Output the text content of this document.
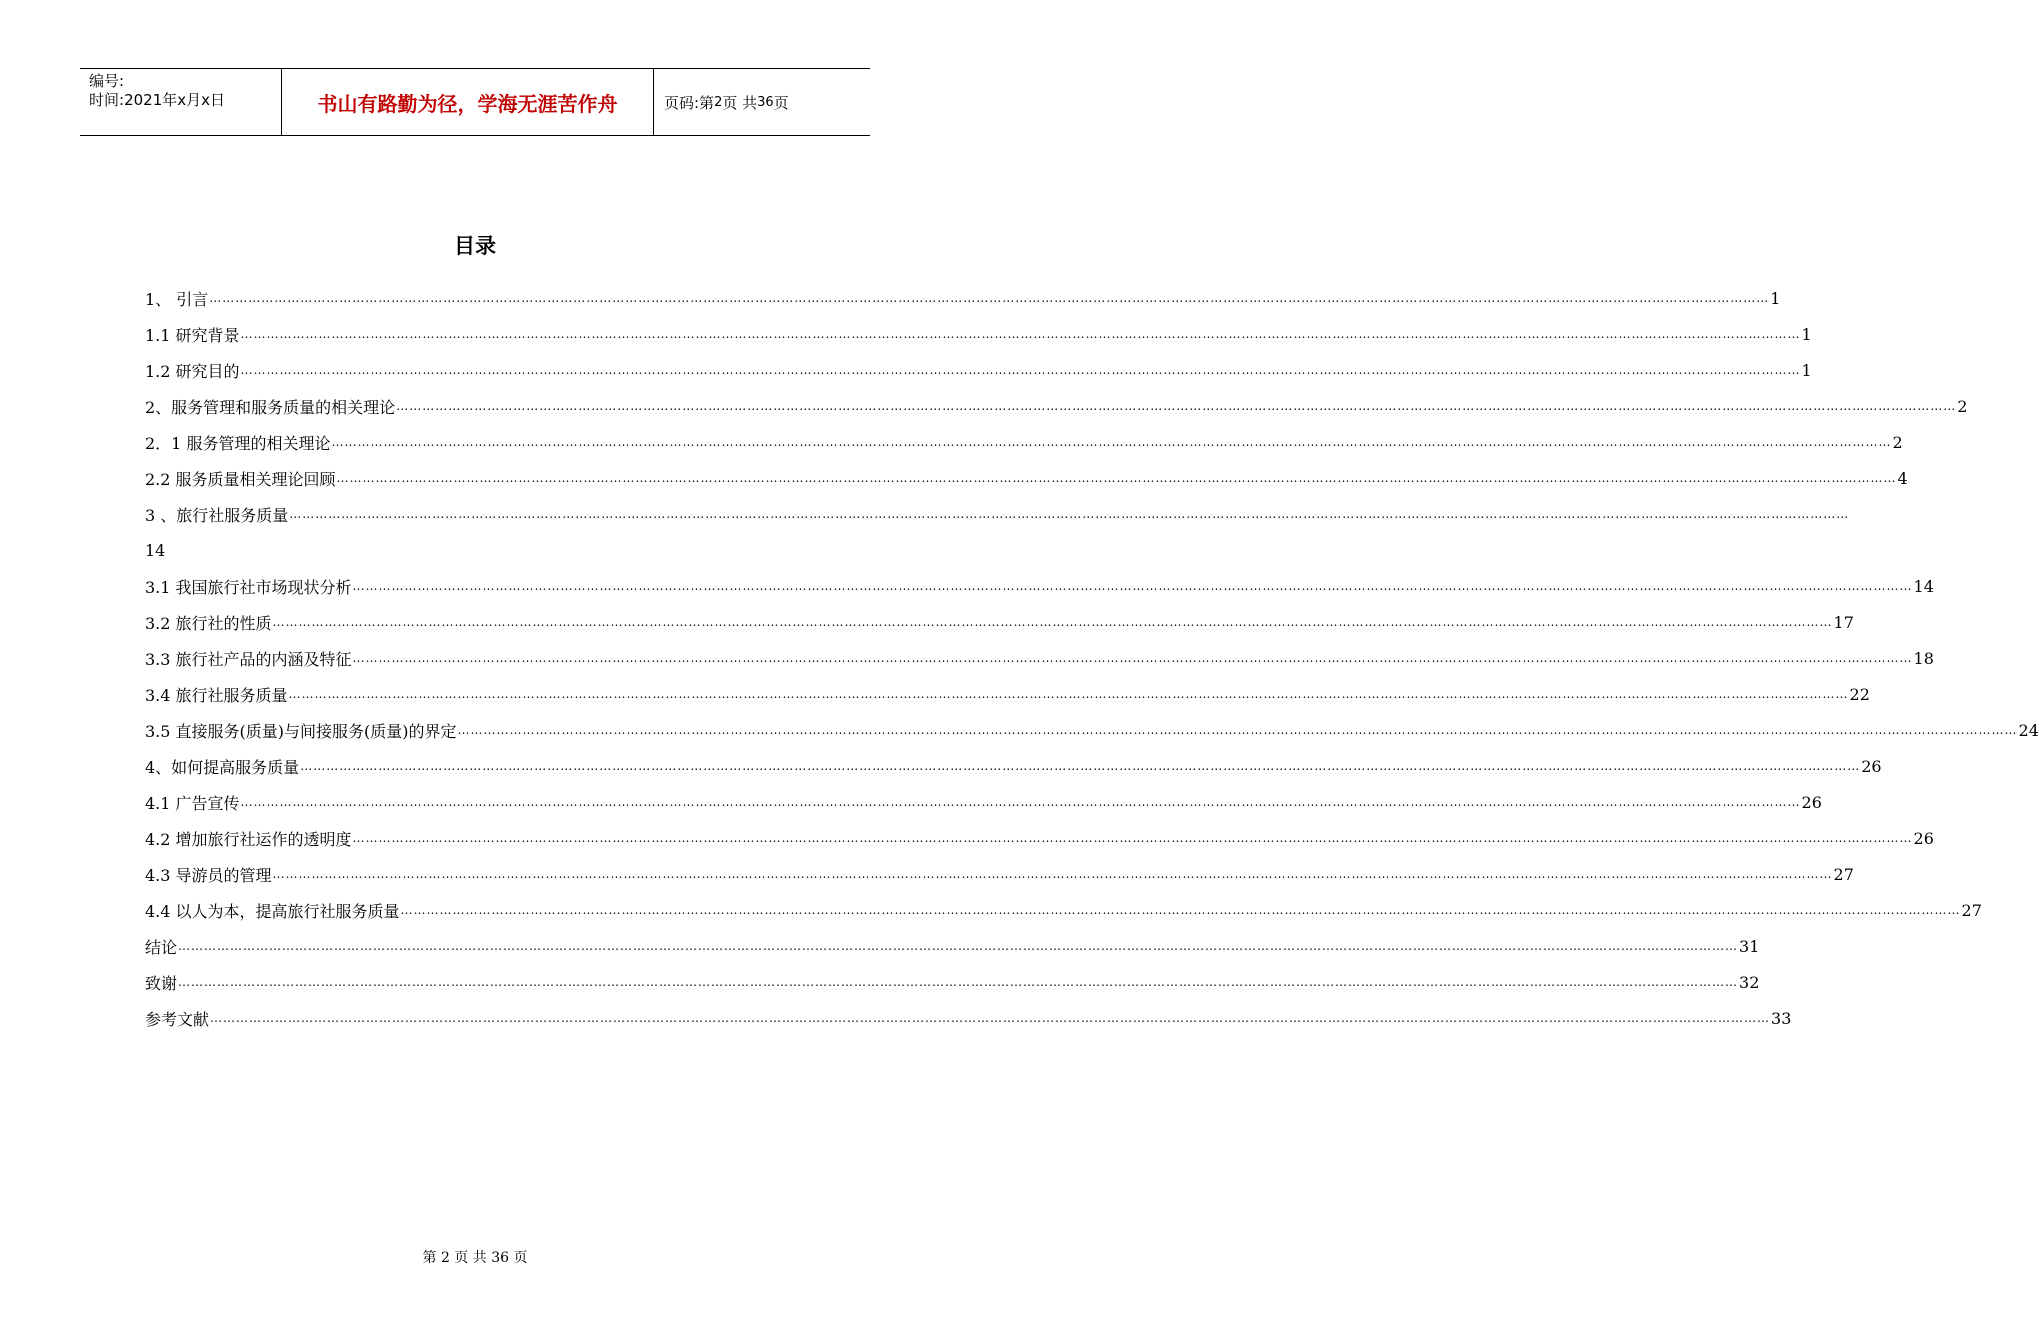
编号:
时间:2021年x月x日	书山有路勤为径，学海无涯苦作舟	页码:第 2 页 共 36 页
目录
1、 引言 ……………………………………………………………………………………………………………………………………………………………………………………………………………………………………………………………………………………………………………………………… 1
1.1 研究背景 ……………………………………………………………………………………………………………………………………………………………………………………………………………………………………………………………………………………………………………………………… 1
1.2 研究目的 ……………………………………………………………………………………………………………………………………………………………………………………………………………………………………………………………………………………………………………………………… 1
2、服务管理和服务质量的相关理论 ……………………………………………………………………………………………………………………………………………………………………………………………………………………………………………………………………………………………………………………………… 2
2．1 服务管理的相关理论 ……………………………………………………………………………………………………………………………………………………………………………………………………………………………………………………………………………………………………………………………… 2
2.2 服务质量相关理论回顾 ……………………………………………………………………………………………………………………………………………………………………………………………………………………………………………………………………………………………………………………………… 4
3 、旅行社服务质量 ………………………………………………………………………………………………………………………………………………………………………………………………………………………………………………………………………………………………………………………………
14
3.1 我国旅行社市场现状分析 ……………………………………………………………………………………………………………………………………………………………………………………………………………………………………………………………………………………………………………………………… 14
3.2 旅行社的性质 ……………………………………………………………………………………………………………………………………………………………………………………………………………………………………………………………………………………………………………………………… 17
3.3 旅行社产品的内涵及特征 ……………………………………………………………………………………………………………………………………………………………………………………………………………………………………………………………………………………………………………………………… 18
3.4 旅行社服务质量 ……………………………………………………………………………………………………………………………………………………………………………………………………………………………………………………………………………………………………………………………… 22
3.5 直接服务(质量)与间接服务(质量)的界定 ……………………………………………………………………………………………………………………………………………………………………………………………………………………………………………………………………………………………………………………………… 24
4、如何提高服务质量 ……………………………………………………………………………………………………………………………………………………………………………………………………………………………………………………………………………………………………………………………… 26
4.1 广告宣传 ……………………………………………………………………………………………………………………………………………………………………………………………………………………………………………………………………………………………………………………………… 26
4.2 增加旅行社运作的透明度 ……………………………………………………………………………………………………………………………………………………………………………………………………………………………………………………………………………………………………………………………… 26
4.3 导游员的管理 ……………………………………………………………………………………………………………………………………………………………………………………………………………………………………………………………………………………………………………………………… 27
4.4 以人为本，提高旅行社服务质量 ……………………………………………………………………………………………………………………………………………………………………………………………………………………………………………………………………………………………………………………………… 27
结论 ……………………………………………………………………………………………………………………………………………………………………………………………………………………………………………………………………………………………………………………………… 31
致谢 ……………………………………………………………………………………………………………………………………………………………………………………………………………………………………………………………………………………………………………………………… 32
参考文献 ……………………………………………………………………………………………………………………………………………………………………………………………………………………………………………………………………………………………………………………………… 33
第 2 页 共 36 页
